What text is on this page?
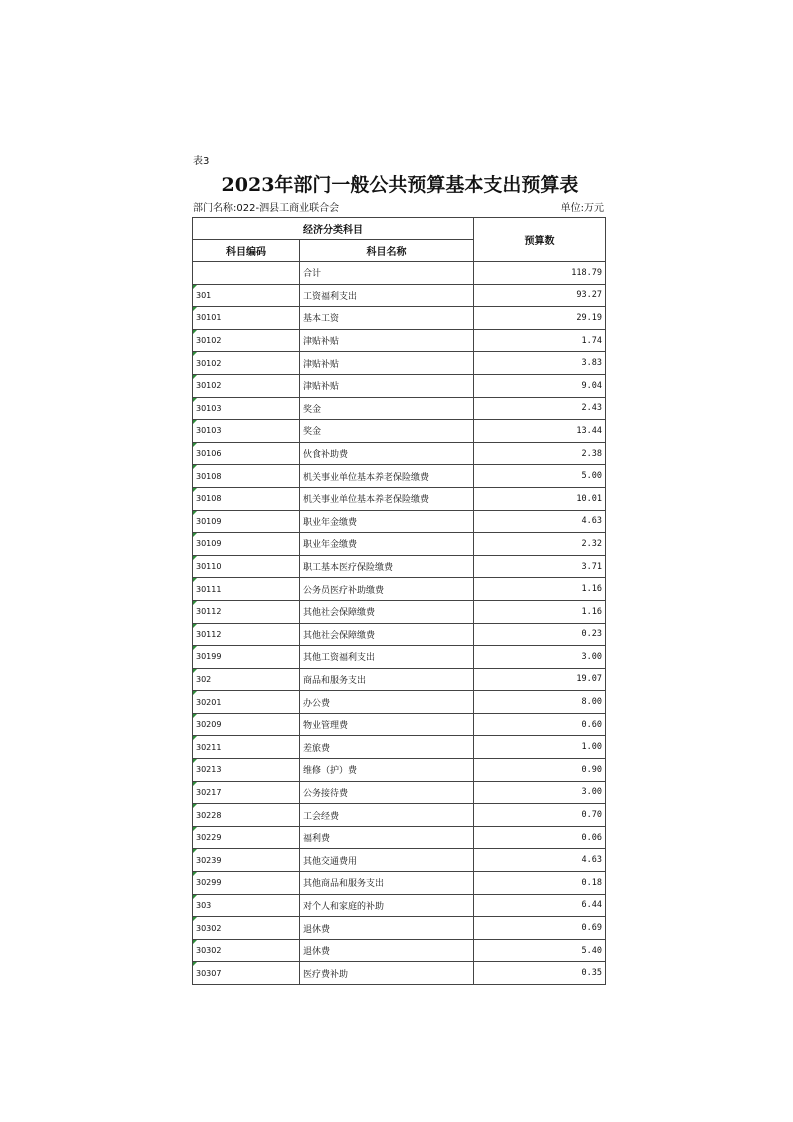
表3
2023年部门一般公共预算基本支出预算表
部门名称:022-泗县工商业联合会	单位:万元
经济分类科目		预算数
科目编码	科目名称	
	合计	118.79
301	工资福利支出	93.27
30101	基本工资	29.19
30102	津贴补贴	1.74
30102	津贴补贴	3.83
30102	津贴补贴	9.04
30103	奖金	2.43
30103	奖金	13.44
30106	伙食补助费	2.38
30108	机关事业单位基本养老保险缴费	5.00
30108	机关事业单位基本养老保险缴费	10.01
30109	职业年金缴费	4.63
30109	职业年金缴费	2.32
30110	职工基本医疗保险缴费	3.71
30111	公务员医疗补助缴费	1.16
30112	其他社会保障缴费	1.16
30112	其他社会保障缴费	0.23
30199	其他工资福利支出	3.00
302	商品和服务支出	19.07
30201	办公费	8.00
30209	物业管理费	0.60
30211	差旅费	1.00
30213	维修（护）费	0.90
30217	公务接待费	3.00
30228	工会经费	0.70
30229	福利费	0.06
30239	其他交通费用	4.63
30299	其他商品和服务支出	0.18
303	对个人和家庭的补助	6.44
30302	退休费	0.69
30302	退休费	5.40
30307	医疗费补助	0.35
